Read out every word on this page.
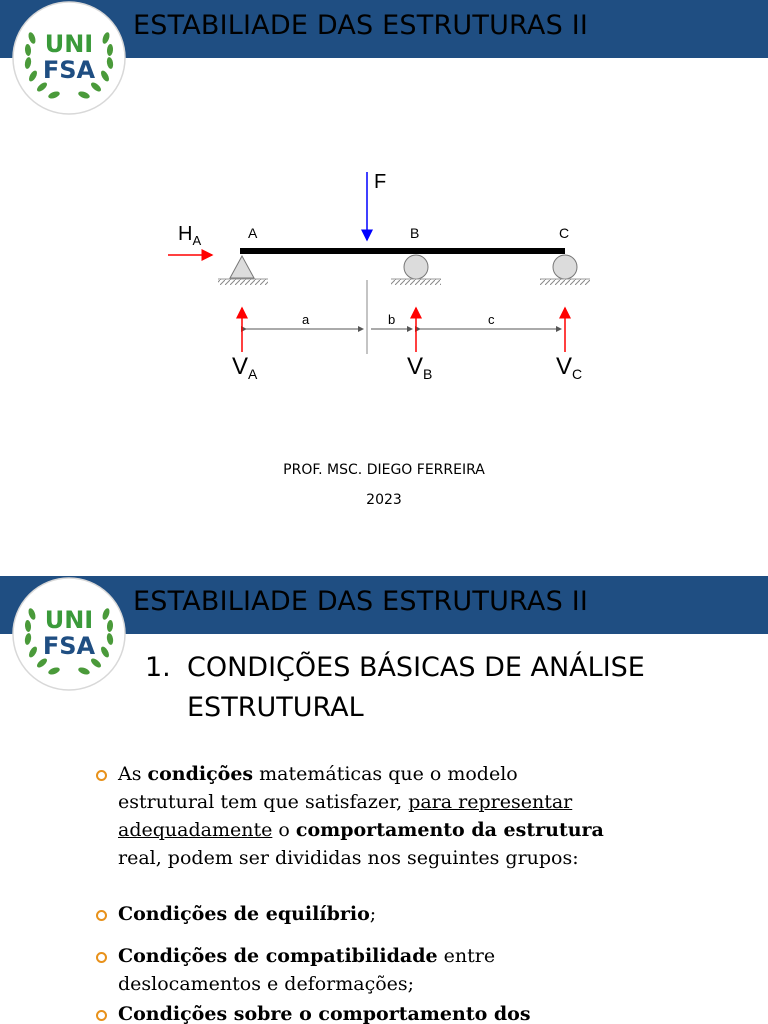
ESTABILIADE DAS ESTRUTURAS II
UNI
FSA
F
$H_A$	A	B	C
a	b	c
$V_A$	$V_B$	$V_C$
PROF. MSC. DIEGO FERREIRA
2023
ESTABILIADE DAS ESTRUTURAS II
UNI
FSA
1. CONDIÇÕES BÁSICAS DE ANÁLISE
ESTRUTURAL
As condições matemáticas que o modelo
estrutural tem que satisfazer, para representar
adequadamente o comportamento da estrutura
real, podem ser divididas nos seguintes grupos:
Condições de equilíbrio;
Condições de compatibilidade entre
deslocamentos e deformações;
Condições sobre o comportamento dos
